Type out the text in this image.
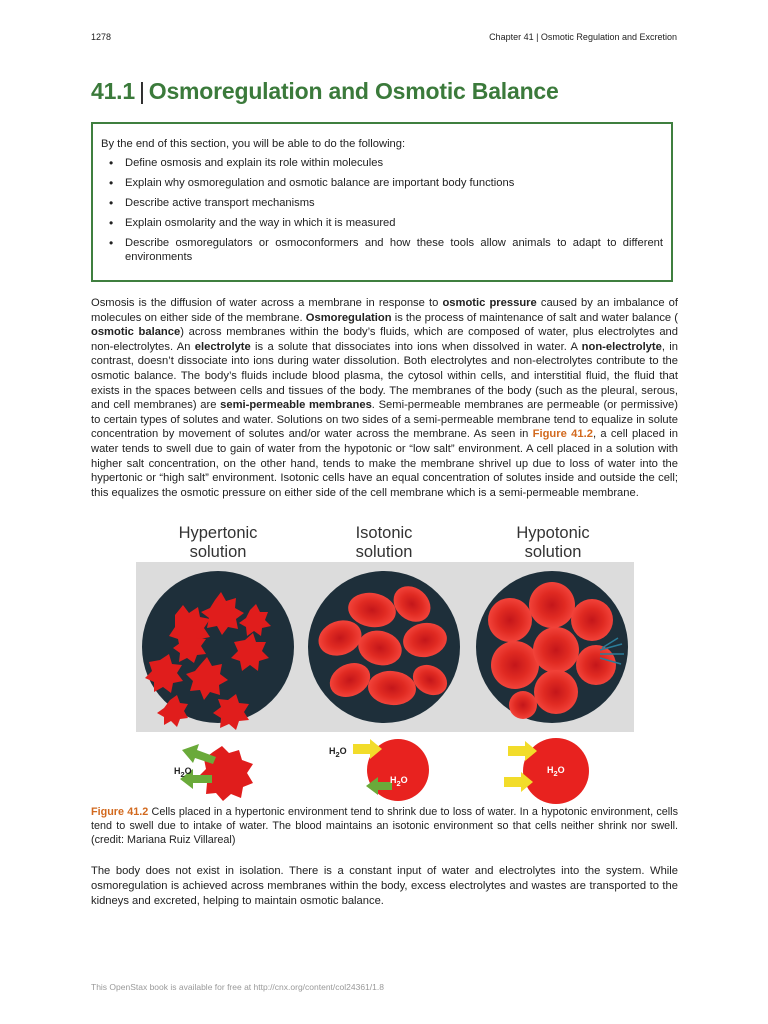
1278	Chapter 41 | Osmotic Regulation and Excretion
41.1 | Osmoregulation and Osmotic Balance

By the end of this section, you will be able to do the following:

• Define osmosis and explain its role within molecules
• Explain why osmoregulation and osmotic balance are important body functions
• Describe active transport mechanisms
• Explain osmolarity and the way in which it is measured
• Describe osmoregulators or osmoconformers and how these tools allow animals to adapt to different environments

Osmosis is the diffusion of water across a membrane in response to osmotic pressure caused by an imbalance of molecules on either side of the membrane. Osmoregulation is the process of maintenance of salt and water balance ( osmotic balance) across membranes within the body’s fluids, which are composed of water, plus electrolytes and non-electrolytes. An electrolyte is a solute that dissociates into ions when dissolved in water. A non-electrolyte, in contrast, doesn’t dissociate into ions during water dissolution. Both electrolytes and non-electrolytes contribute to the osmotic balance. The body’s fluids include blood plasma, the cytosol within cells, and interstitial fluid, the fluid that exists in the spaces between cells and tissues of the body. The membranes of the body (such as the pleural, serous, and cell membranes) are semi-permeable membranes. Semi-permeable membranes are permeable (or permissive) to certain types of solutes and water. Solutions on two sides of a semi-permeable membrane tend to equalize in solute concentration by movement of solutes and/or water across the membrane. As seen in Figure 41.2, a cell placed in water tends to swell due to gain of water from the hypotonic or “low salt” environment. A cell placed in a solution with higher salt concentration, on the other hand, tends to make the membrane shrivel up due to loss of water into the hypertonic or “high salt” environment. Isotonic cells have an equal concentration of solutes inside and outside the cell; this equalizes the osmotic pressure on either side of the cell membrane which is a semi-permeable membrane.

Hypertonic
solution
Isotonic
solution
Hypotonic
solution
$H_2O$
$H_2O$
$H_2O$
$H_2O$

Figure 41.2 Cells placed in a hypertonic environment tend to shrink due to loss of water. In a hypotonic environment, cells tend to swell due to intake of water. The blood maintains an isotonic environment so that cells neither shrink nor swell. (credit: Mariana Ruiz Villareal)

The body does not exist in isolation. There is a constant input of water and electrolytes into the system. While osmoregulation is achieved across membranes within the body, excess electrolytes and wastes are transported to the kidneys and excreted, helping to maintain osmotic balance.

This OpenStax book is available for free at http://cnx.org/content/col24361/1.8
